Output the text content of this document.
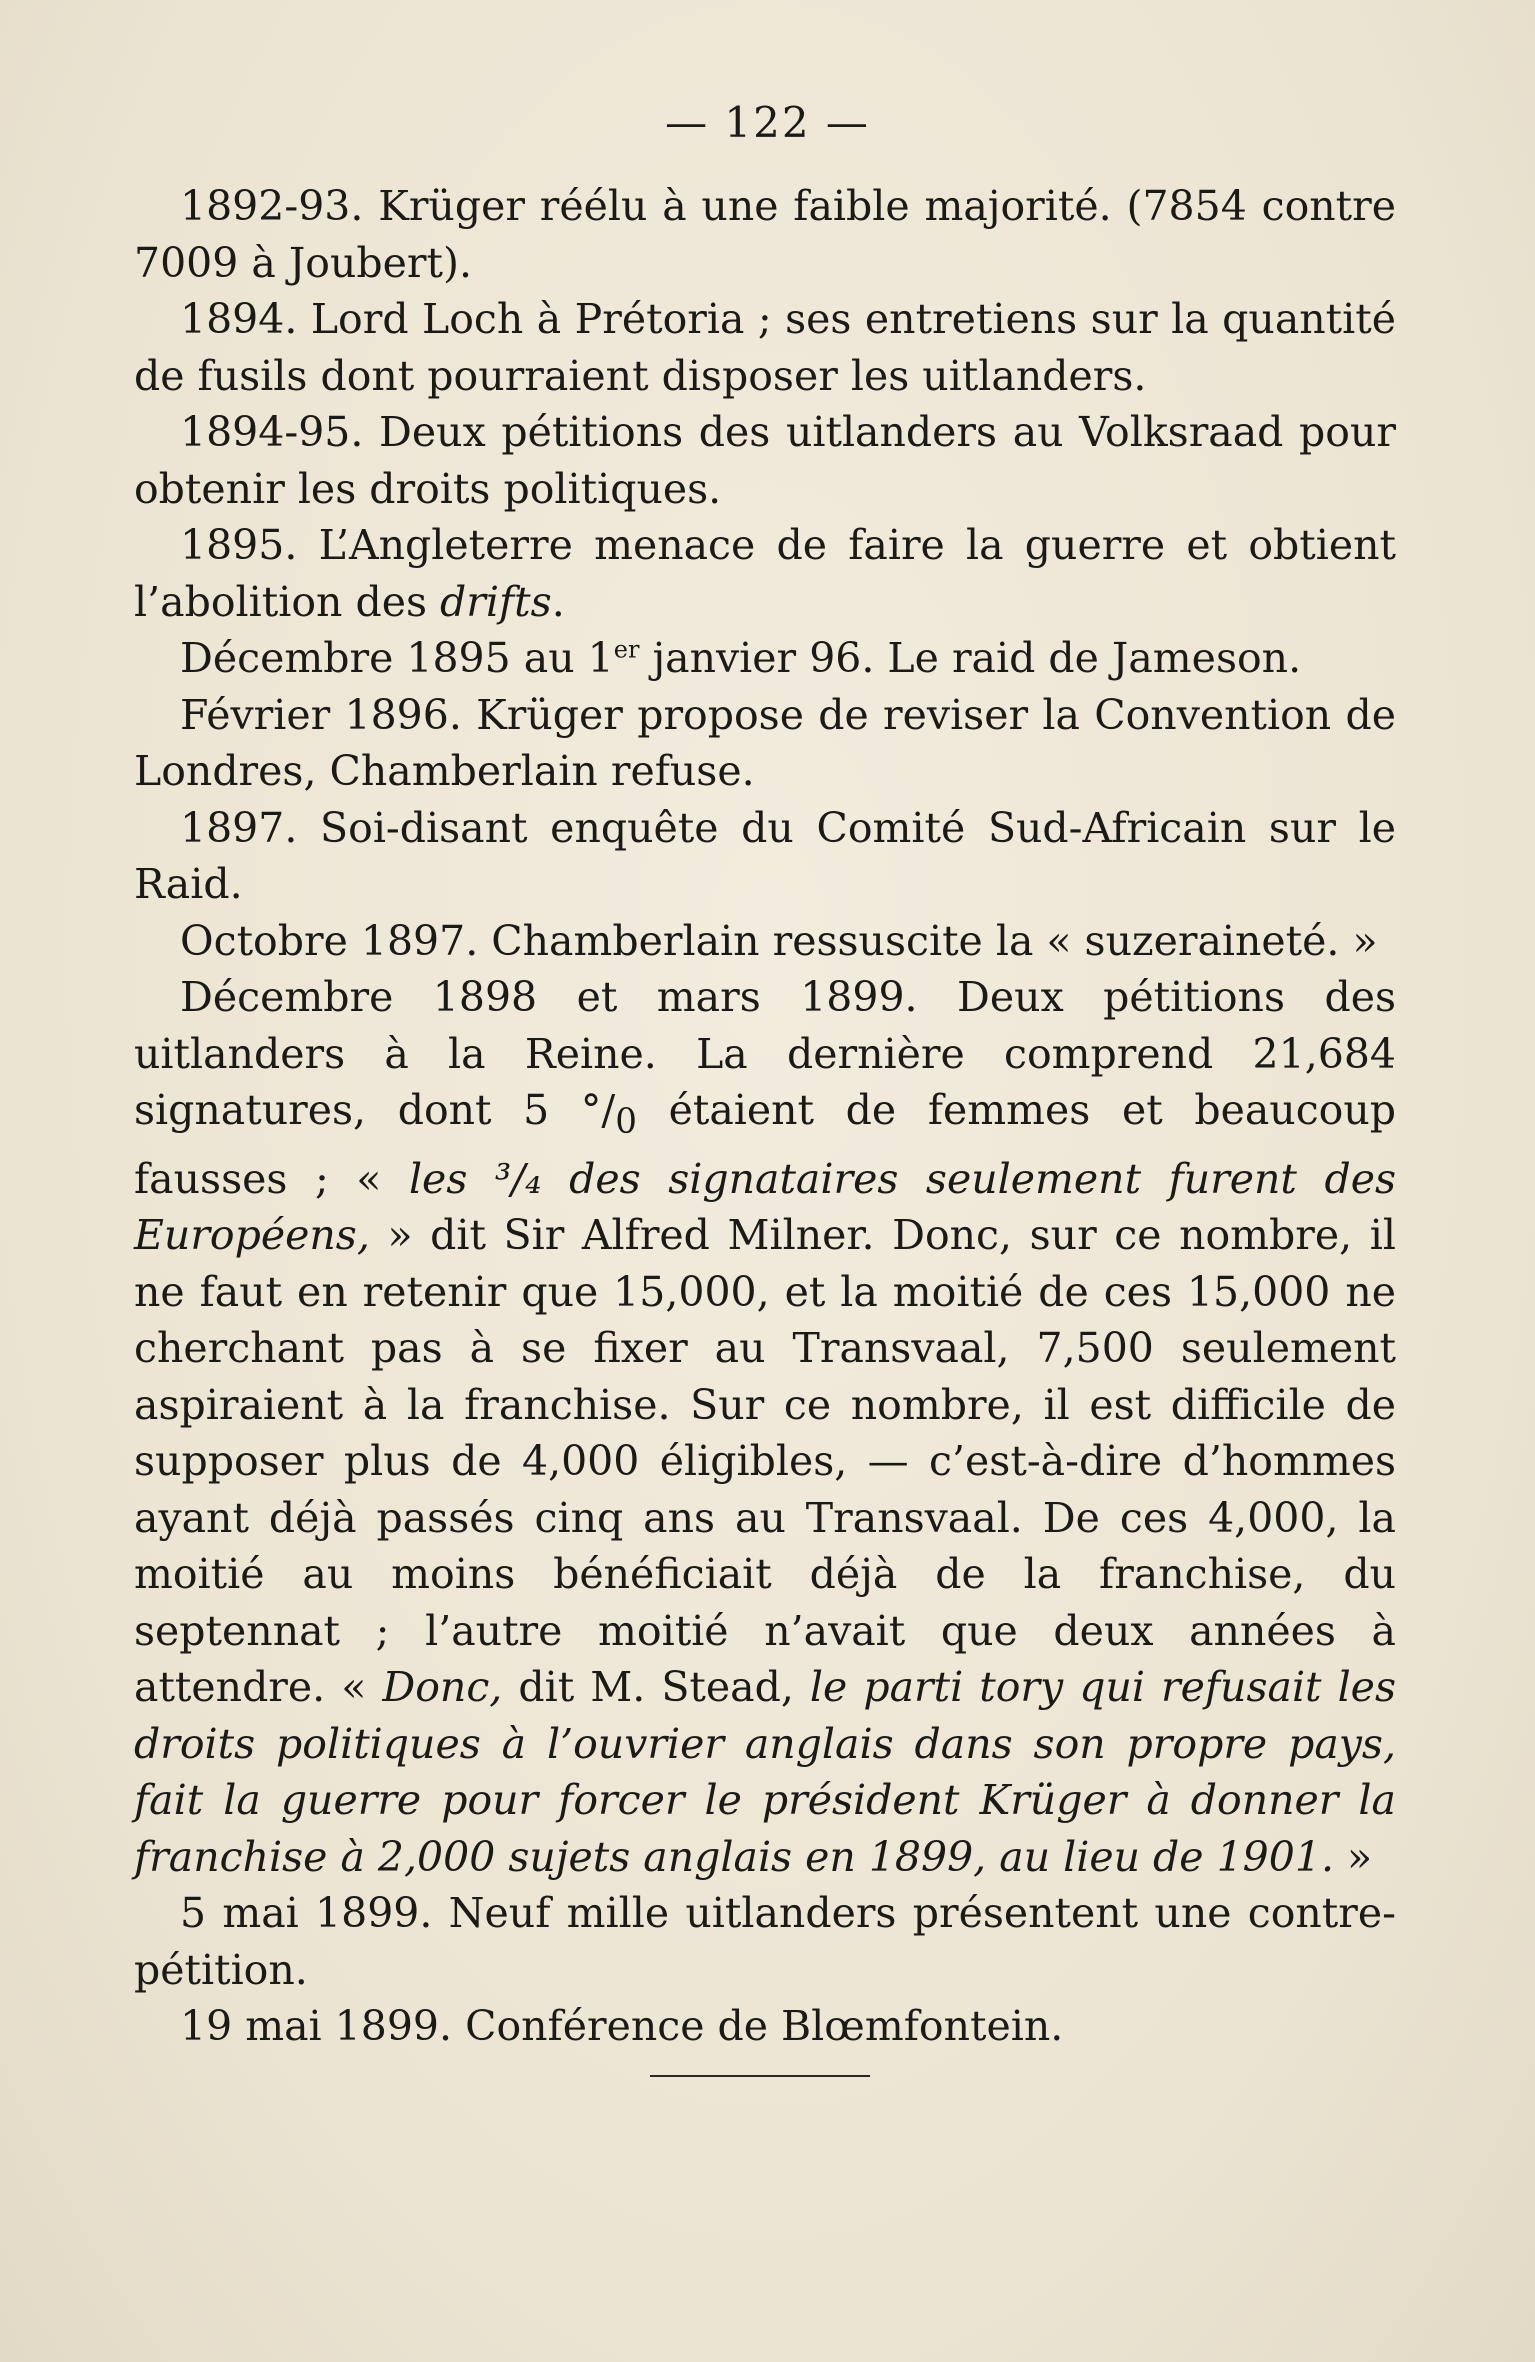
— 122 —

1892-93. Krüger réélu à une faible majorité. (7854 contre 7009 à Joubert).

1894. Lord Loch à Prétoria ; ses entretiens sur la quantité de fusils dont pourraient disposer les uitlanders.

1894-95. Deux pétitions des uitlanders au Volksraad pour obtenir les droits politiques.

1895. L’Angleterre menace de faire la guerre et obtient l’abolition des drifts.

Décembre 1895 au 1er janvier 96. Le raid de Jameson.

Février 1896. Krüger propose de reviser la Convention de Londres, Chamberlain refuse.

1897. Soi-disant enquête du Comité Sud-Africain sur le Raid.

Octobre 1897. Chamberlain ressuscite la « suzeraineté. »

Décembre 1898 et mars 1899. Deux pétitions des uitlanders à la Reine. La dernière comprend 21,684 signatures, dont 5 $^\circ/_0$ étaient de femmes et beaucoup fausses ; « les ³/₄ des signataires seulement furent des Européens, » dit Sir Alfred Milner. Donc, sur ce nombre, il ne faut en retenir que 15,000, et la moitié de ces 15,000 ne cherchant pas à se fixer au Transvaal, 7,500 seulement aspiraient à la franchise. Sur ce nombre, il est difficile de supposer plus de 4,000 éligibles, — c’est-à-dire d’hommes ayant déjà passés cinq ans au Transvaal. De ces 4,000, la moitié au moins bénéficiait déjà de la franchise, du septennat ; l’autre moitié n’avait que deux années à attendre. « Donc, dit M. Stead, le parti tory qui refusait les droits politiques à l’ouvrier anglais dans son propre pays, fait la guerre pour forcer le président Krüger à donner la franchise à 2,000 sujets anglais en 1899, au lieu de 1901. »

5 mai 1899. Neuf mille uitlanders présentent une contre-pétition.

19 mai 1899. Conférence de Blœmfontein.
